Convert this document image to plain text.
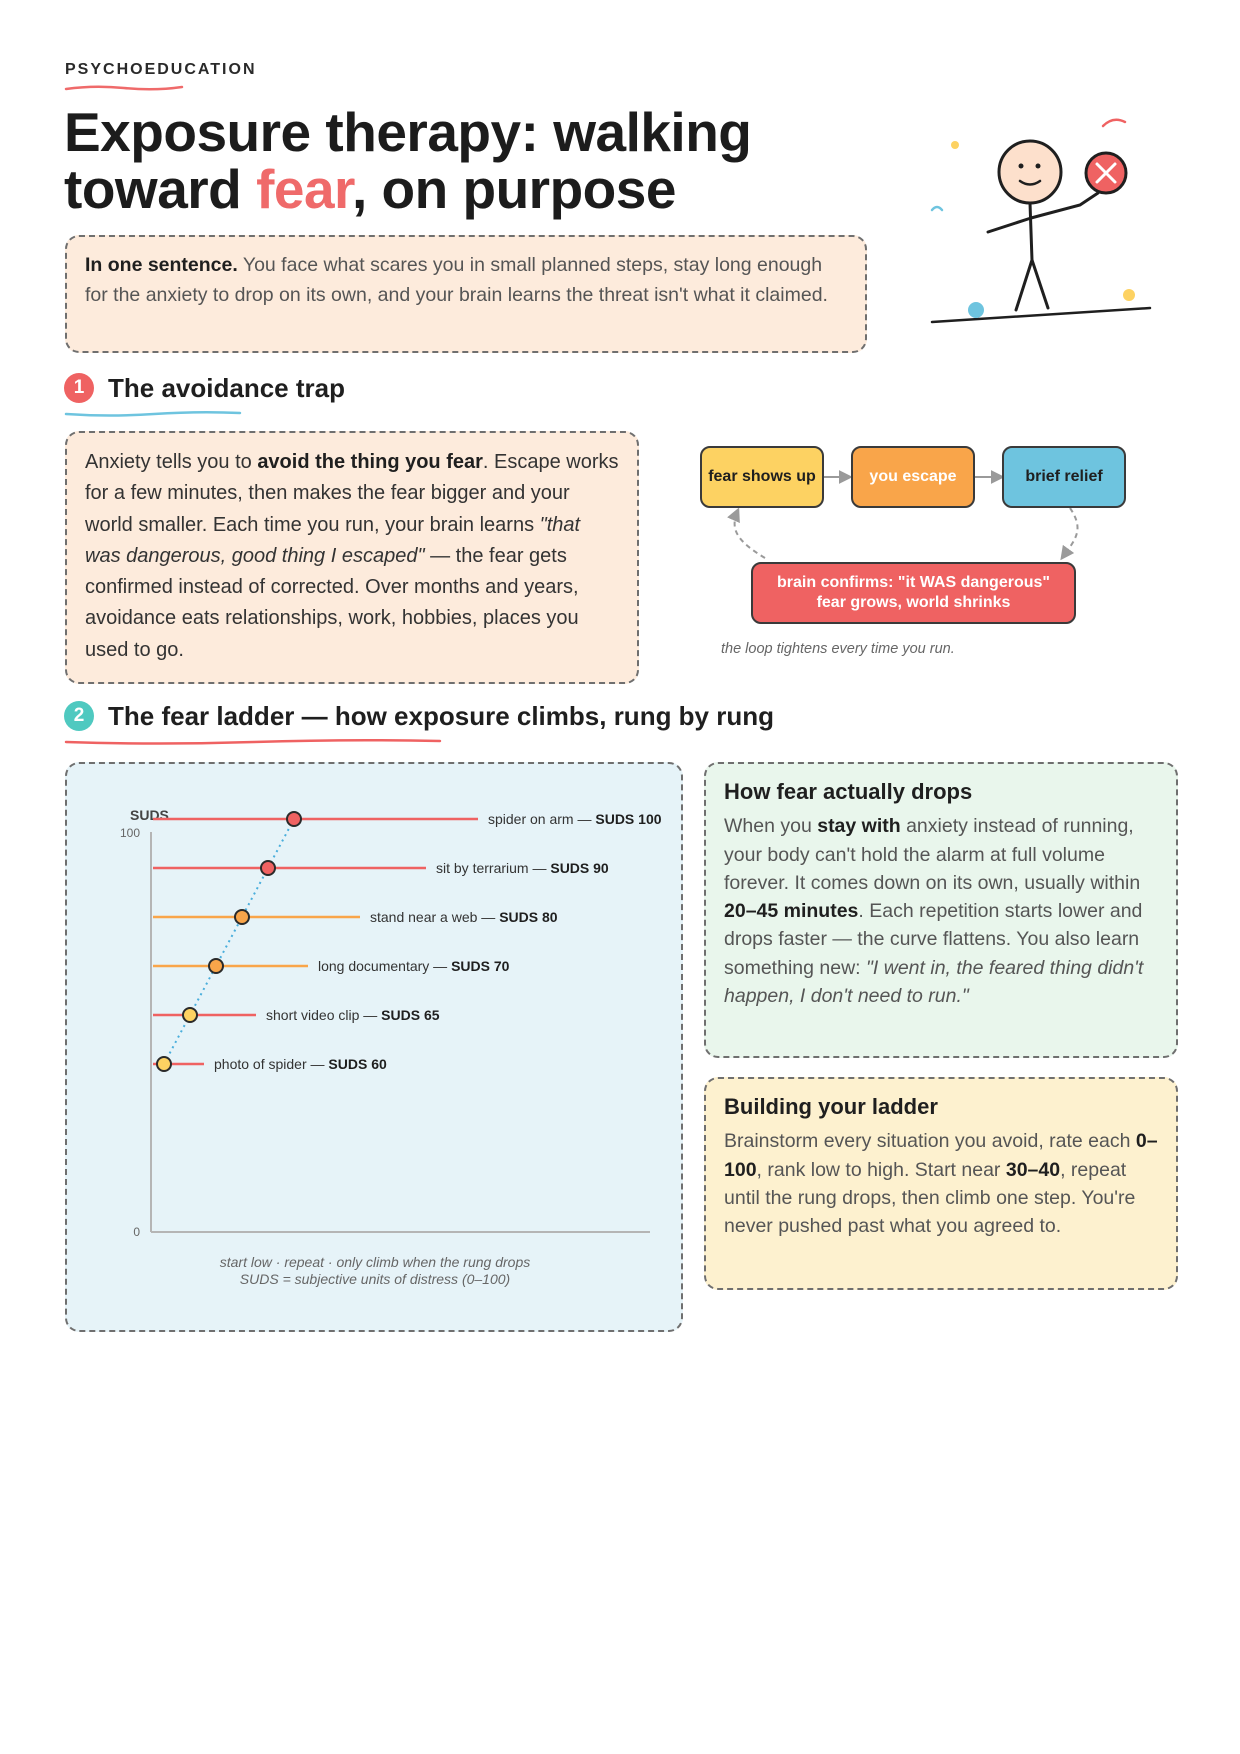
PSYCHOEDUCATION
Exposure therapy: walking
toward fear, on purpose
In one sentence. You face what scares you in small planned steps, stay long enough for the anxiety to drop on its own, and your brain learns the threat isn't what it claimed.
1 The avoidance trap
Anxiety tells you to avoid the thing you fear. Escape works for a few minutes, then makes the fear bigger and your world smaller. Each time you run, your brain learns "that was dangerous, good thing I escaped" — the fear gets confirmed instead of corrected. Over months and years, avoidance eats relationships, work, hobbies, places you used to go.
fear shows up	you escape	brief relief
brain confirms: "it WAS dangerous"
fear grows, world shrinks
the loop tightens every time you run.
2 The fear ladder — how exposure climbs, rung by rung
SUDS
100
0
photo of spider — SUDS 60
short video clip — SUDS 65
long documentary — SUDS 70
stand near a web — SUDS 80
sit by terrarium — SUDS 90
spider on arm — SUDS 100
start low · repeat · only climb when the rung drops
SUDS = subjective units of distress (0–100)
How fear actually drops
When you stay with anxiety instead of running, your body can't hold the alarm at full volume forever. It comes down on its own, usually within 20–45 minutes. Each repetition starts lower and drops faster — the curve flattens. You also learn something new: "I went in, the feared thing didn't happen, I don't need to run."
Building your ladder
Brainstorm every situation you avoid, rate each 0–100, rank low to high. Start near 30–40, repeat until the rung drops, then climb one step. You're never pushed past what you agreed to.
